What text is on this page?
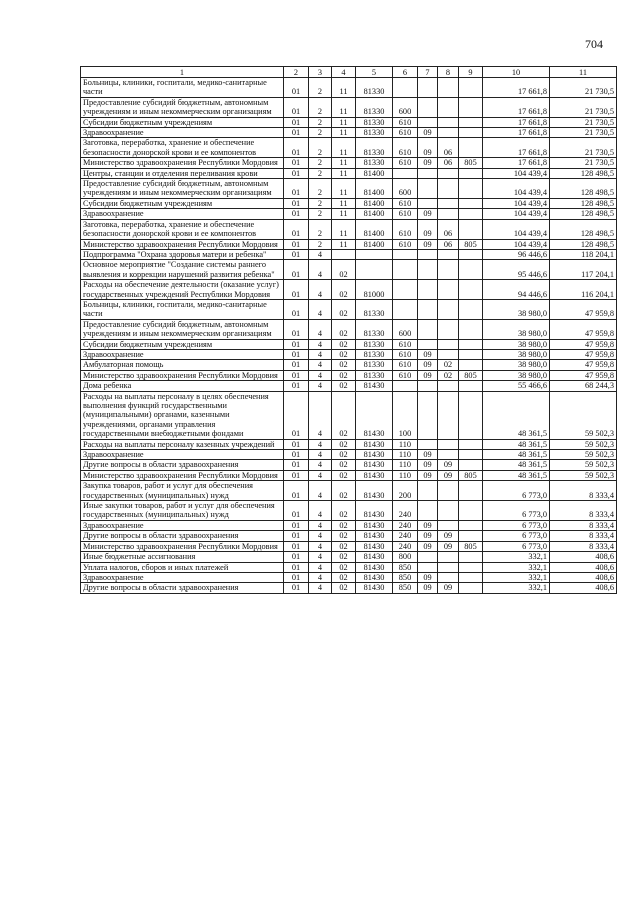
704
1	2	3	4	5	6	7	8	9	10	11
Больницы, клиники, госпитали, медико-санитарные части	01	2	11	81330					17 661,8	21 730,5
Предоставление субсидий бюджетным, автономным учреждениям и иным некоммерческим организациям	01	2	11	81330	600				17 661,8	21 730,5
Субсидии бюджетным учреждениям	01	2	11	81330	610				17 661,8	21 730,5
Здравоохранение	01	2	11	81330	610	09			17 661,8	21 730,5
Заготовка, переработка, хранение и обеспечение безопасности донорской крови и ее компонентов	01	2	11	81330	610	09	06		17 661,8	21 730,5
Министерство здравоохранения Республики Мордовия	01	2	11	81330	610	09	06	805	17 661,8	21 730,5
Центры, станции и отделения переливания крови	01	2	11	81400					104 439,4	128 498,5
Предоставление субсидий бюджетным, автономным учреждениям и иным некоммерческим организациям	01	2	11	81400	600				104 439,4	128 498,5
Субсидии бюджетным учреждениям	01	2	11	81400	610				104 439,4	128 498,5
Здравоохранение	01	2	11	81400	610	09			104 439,4	128 498,5
Заготовка, переработка, хранение и обеспечение безопасности донорской крови и ее компонентов	01	2	11	81400	610	09	06		104 439,4	128 498,5
Министерство здравоохранения Республики Мордовия	01	2	11	81400	610	09	06	805	104 439,4	128 498,5
Подпрограмма "Охрана здоровья матери и ребенка"	01	4							96 446,6	118 204,1
Основное мероприятие "Создание системы раннего выявления и коррекции нарушений развития ребенка"	01	4	02						95 446,6	117 204,1
Расходы на обеспечение деятельности (оказание услуг) государственных учреждений Республики Мордовия	01	4	02	81000					94 446,6	116 204,1
Больницы, клиники, госпитали, медико-санитарные части	01	4	02	81330					38 980,0	47 959,8
Предоставление субсидий бюджетным, автономным учреждениям и иным некоммерческим организациям	01	4	02	81330	600				38 980,0	47 959,8
Субсидии бюджетным учреждениям	01	4	02	81330	610				38 980,0	47 959,8
Здравоохранение	01	4	02	81330	610	09			38 980,0	47 959,8
Амбулаторная помощь	01	4	02	81330	610	09	02		38 980,0	47 959,8
Министерство здравоохранения Республики Мордовия	01	4	02	81330	610	09	02	805	38 980,0	47 959,8
Дома ребенка	01	4	02	81430					55 466,6	68 244,3
Расходы на выплаты персоналу в целях обеспечения выполнения функций государственными (муниципальными) органами, казенными учреждениями, органами управления государственными внебюджетными фондами	01	4	02	81430	100				48 361,5	59 502,3
Расходы на выплаты персоналу казенных учреждений	01	4	02	81430	110				48 361,5	59 502,3
Здравоохранение	01	4	02	81430	110	09			48 361,5	59 502,3
Другие вопросы в области здравоохранения	01	4	02	81430	110	09	09		48 361,5	59 502,3
Министерство здравоохранения Республики Мордовия	01	4	02	81430	110	09	09	805	48 361,5	59 502,3
Закупка товаров, работ и услуг для обеспечения государственных (муниципальных) нужд	01	4	02	81430	200				6 773,0	8 333,4
Иные закупки товаров, работ и услуг для обеспечения государственных (муниципальных) нужд	01	4	02	81430	240				6 773,0	8 333,4
Здравоохранение	01	4	02	81430	240	09			6 773,0	8 333,4
Другие вопросы в области здравоохранения	01	4	02	81430	240	09	09		6 773,0	8 333,4
Министерство здравоохранения Республики Мордовия	01	4	02	81430	240	09	09	805	6 773,0	8 333,4
Иные бюджетные ассигнования	01	4	02	81430	800				332,1	408,6
Уплата налогов, сборов и иных платежей	01	4	02	81430	850				332,1	408,6
Здравоохранение	01	4	02	81430	850	09			332,1	408,6
Другие вопросы в области здравоохранения	01	4	02	81430	850	09	09		332,1	408,6
